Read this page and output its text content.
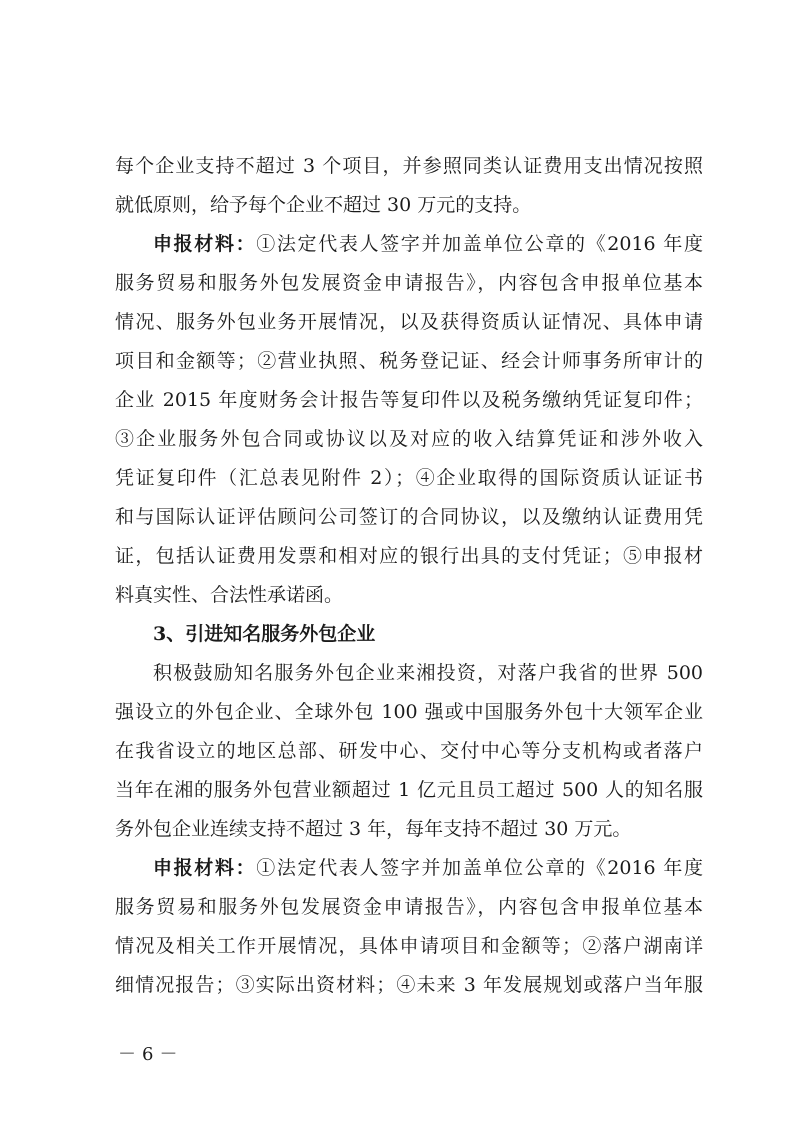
每个企业支持不超过 3 个项目，并参照同类认证费用支出情况按照
就低原则，给予每个企业不超过 30 万元的支持。
申报材料：①法定代表人签字并加盖单位公章的《2016 年度
服务贸易和服务外包发展资金申请报告》，内容包含申报单位基本
情况、服务外包业务开展情况，以及获得资质认证情况、具体申请
项目和金额等；②营业执照、税务登记证、经会计师事务所审计的
企业 2015 年度财务会计报告等复印件以及税务缴纳凭证复印件；
③企业服务外包合同或协议以及对应的收入结算凭证和涉外收入
凭证复印件（汇总表见附件 2）；④企业取得的国际资质认证证书
和与国际认证评估顾问公司签订的合同协议，以及缴纳认证费用凭
证，包括认证费用发票和相对应的银行出具的支付凭证；⑤申报材
料真实性、合法性承诺函。
3、引进知名服务外包企业
积极鼓励知名服务外包企业来湘投资，对落户我省的世界 500
强设立的外包企业、全球外包 100 强或中国服务外包十大领军企业
在我省设立的地区总部、研发中心、交付中心等分支机构或者落户
当年在湘的服务外包营业额超过 1 亿元且员工超过 500 人的知名服
务外包企业连续支持不超过 3 年，每年支持不超过 30 万元。
申报材料：①法定代表人签字并加盖单位公章的《2016 年度
服务贸易和服务外包发展资金申请报告》，内容包含申报单位基本
情况及相关工作开展情况，具体申请项目和金额等；②落户湖南详
细情况报告；③实际出资材料；④未来 3 年发展规划或落户当年服
－6－
